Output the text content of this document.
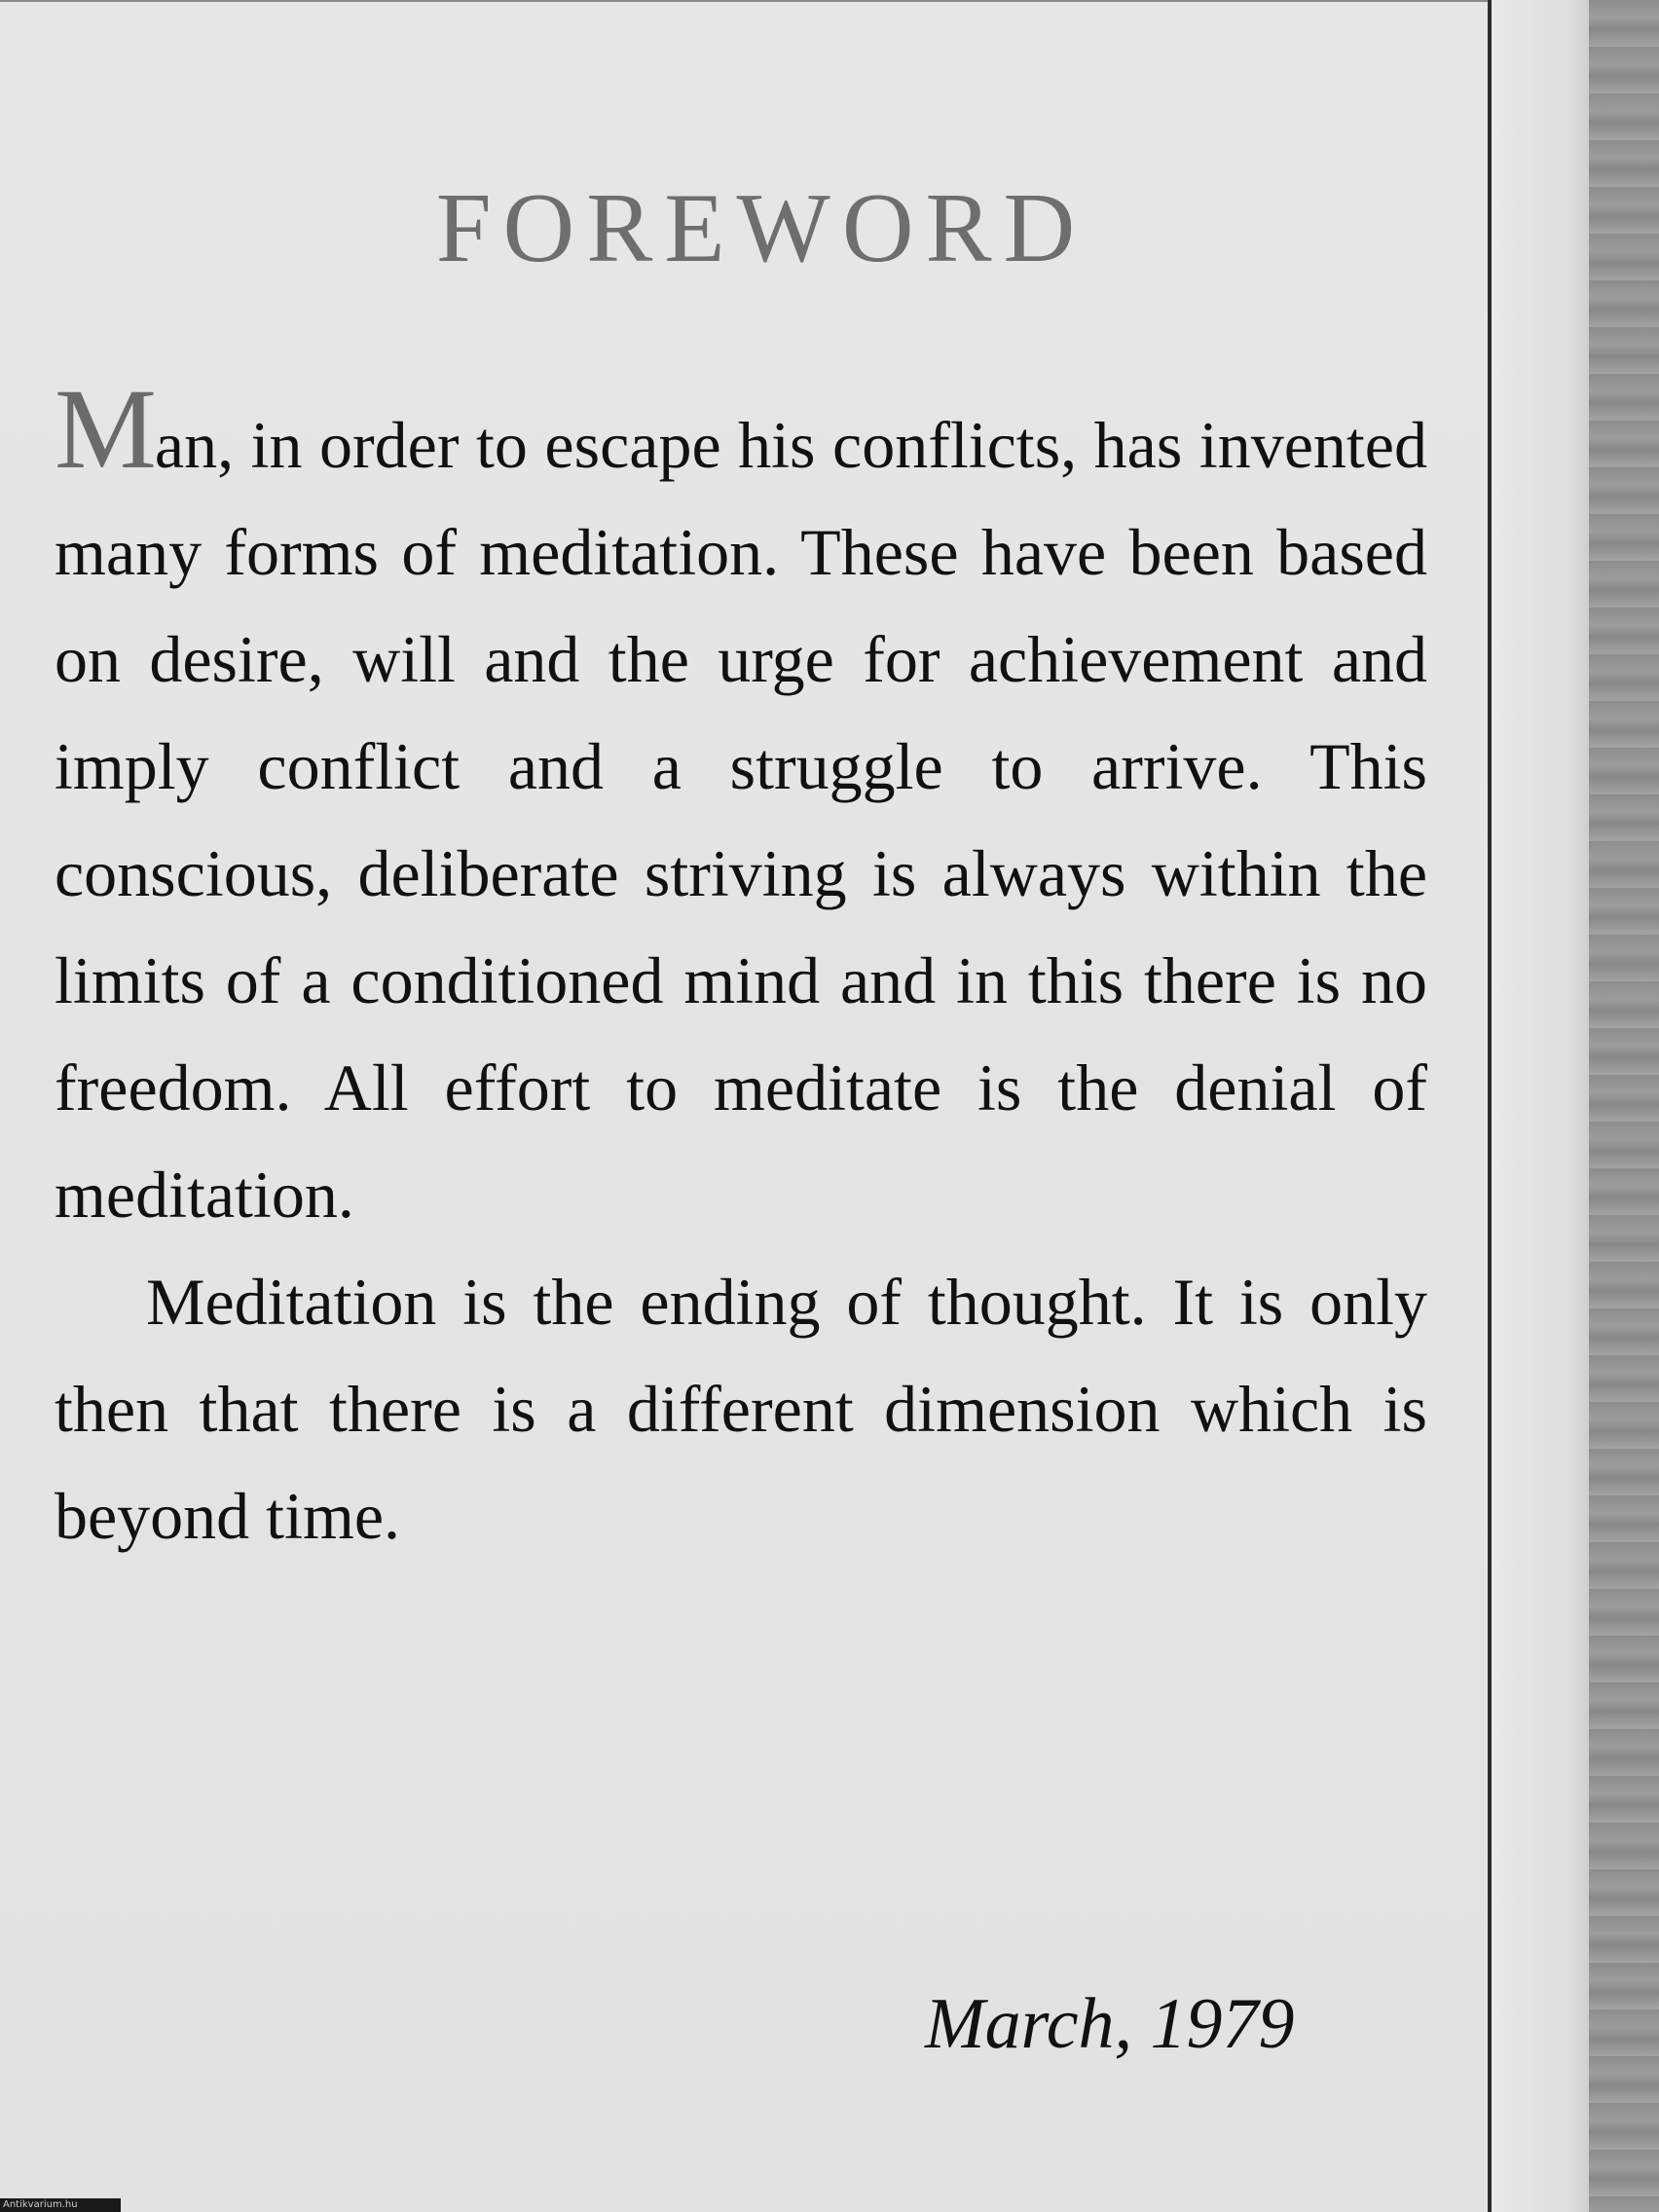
FOREWORD

Man, in order to escape his conflicts, has invented many forms of meditation. These have been based on desire, will and the urge for achievement and imply conflict and a struggle to arrive. This conscious, deliberate striving is always within the limits of a conditioned mind and in this there is no freedom. All effort to meditate is the denial of meditation.

Meditation is the ending of thought. It is only then that there is a different dimension which is beyond time.

March, 1979

Antikvarium.hu
